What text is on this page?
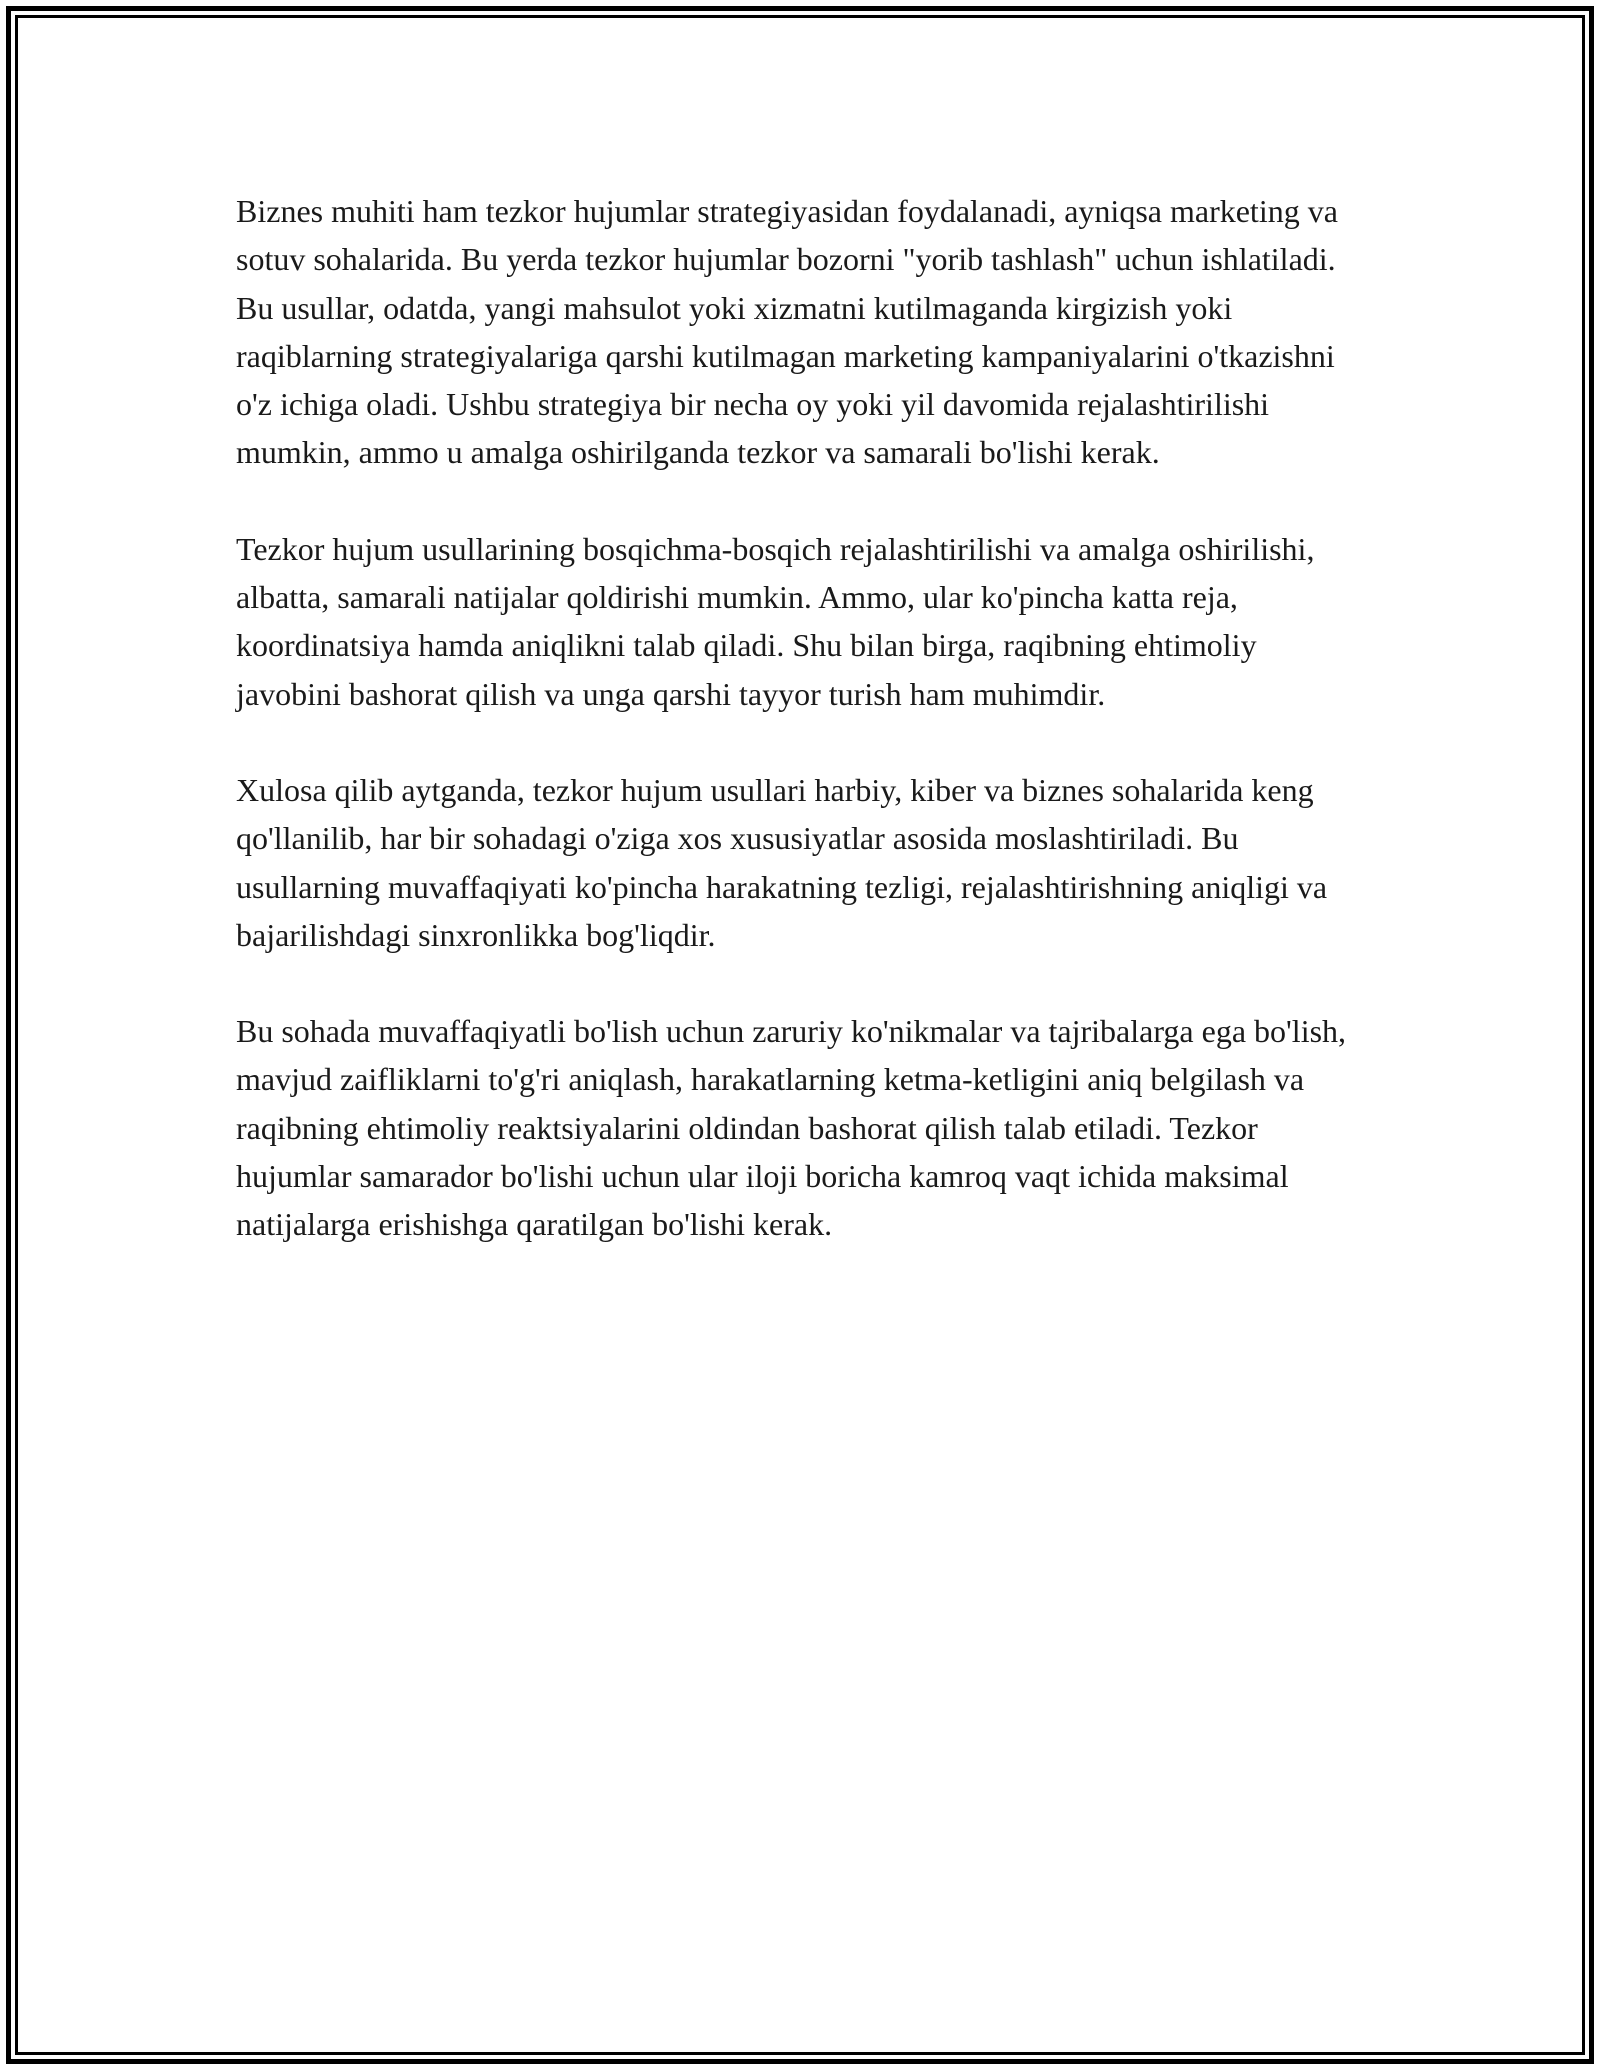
Biznes muhiti ham tezkor hujumlar strategiyasidan foydalanadi, ayniqsa marketing va sotuv sohalarida. Bu yerda tezkor hujumlar bozorni "yorib tashlash" uchun ishlatiladi. Bu usullar, odatda, yangi mahsulot yoki xizmatni kutilmaganda kirgizish yoki raqiblarning strategiyalariga qarshi kutilmagan marketing kampaniyalarini o'tkazishni o'z ichiga oladi. Ushbu strategiya bir necha oy yoki yil davomida rejalashtirilishi mumkin, ammo u amalga oshirilganda tezkor va samarali bo'lishi kerak.

Tezkor hujum usullarining bosqichma-bosqich rejalashtirilishi va amalga oshirilishi, albatta, samarali natijalar qoldirishi mumkin. Ammo, ular ko'pincha katta reja, koordinatsiya hamda aniqlikni talab qiladi. Shu bilan birga, raqibning ehtimoliy javobini bashorat qilish va unga qarshi tayyor turish ham muhimdir.

Xulosa qilib aytganda, tezkor hujum usullari harbiy, kiber va biznes sohalarida keng qo'llanilib, har bir sohadagi o'ziga xos xususiyatlar asosida moslashtiriladi. Bu usullarning muvaffaqiyati ko'pincha harakatning tezligi, rejalashtirishning aniqligi va bajarilishdagi sinxronlikka bog'liqdir.

Bu sohada muvaffaqiyatli bo'lish uchun zaruriy ko'nikmalar va tajribalarga ega bo'lish, mavjud zaifliklarni to'g'ri aniqlash, harakatlarning ketma-ketligini aniq belgilash va raqibning ehtimoliy reaktsiyalarini oldindan bashorat qilish talab etiladi. Tezkor hujumlar samarador bo'lishi uchun ular iloji boricha kamroq vaqt ichida maksimal natijalarga erishishga qaratilgan bo'lishi kerak.
